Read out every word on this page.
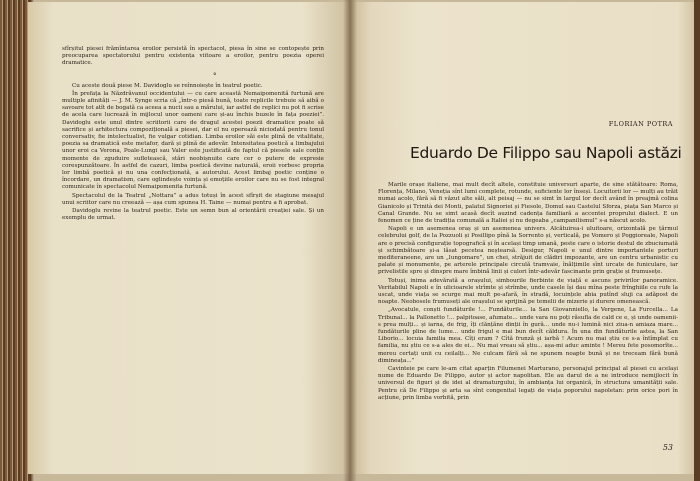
sfîrșitul piesei frămîntarea eroilor persistă în spectacol, piesa în sine se contopește prin preocuparea spectatorului pentru existența viitoare a eroilor, pentru poezia operei dramatice.

Cu aceste două piese M. Davidoglu se reînnoiește în teatrul poetic.

În prefața la Năzdrăvanul occidentului — cu care această Nemaipomenită furtună are multiple afinități — J. M. Synge scria că „într-o piesă bună, toate replicile trebuie să aibă o savoare tot atît de bogată ca aceea a nucii sau a mărului, iar astfel de replici nu pot fi scrise de acela care lucrează în mijlocul unor oameni care și-au închis buzele în fața poeziei”. Davidoglu este unul dintre scriitorii care de dragul acestei poezii dramatice poate să sacrifice și arhitectura compozițională a piesei, dar el nu operează niciodată pentru tonul conversativ, fie intelectualist, fie vulgar cotidian. Limba eroilor săi este plină de vitalitate, poezia sa dramatică este metafor, dară și plină de adevăr. Intensitatea poetică a limbajului unor eroi ca Verona, Poale-Lungi sau Valer este justificată de faptul că piesele sale conțin momente de zguduire sufletească, stări neobișnuite care cer o putere de expresie corespunzătoare. În astfel de cazuri, limba poetică devine naturală, eroii vorbesc propria lor limbă poetică și nu una confecționată, a autorului. Acest limbaj poetic conține o încordare, un dramatism, care oglindește voința și emoțiile eroilor care nu se fost integral comunicate în spectacolul Nemaipomenita furtună.

Spectacolul de la Teatrul „Nottara” a adus totuși în acest sfîrșit de stagiune mesajul unui scriitor care nu creează — așa cum spunea H. Taine — numai pentru a fi aprobat.

Davidoglu revine la teatrul poetic. Este un semn bun al orientării creației sale. Și un exemplu de urmat.

°
FLORIAN POTRA
Eduardo De Filippo sau Napoli astăzi

Marile orașe italiene, mai mult decît altele, constituie universuri aparte, de sine stătătoare: Roma, Florența, Milano, Veneția sînt lumi complete, rotunde, suficiente lor înseși. Locuitorii lor — mulți au trăit numai acolo, fără să fi văzut alte săli, alt peisaj — nu se simt în largul lor decît având în preajmă colina Gianicolo și Trinità dei Monti, palatul Signoriei și Fiesole, Domul sau Castelul Sforza, piața San Marco și Canal Grande. Nu se simt acasă decît auzind cadența familiară a accentei proprului dialect. E un fenomen ce ține de tradiția comunală a Italiei și nu degeaba „campanilismul” s-a născut acolo.

Napoli e un asemenea oraș și un asemenea univers. Alcătuirea-i uluitoare, orizontală pe țărmul celebrului golf, de la Pozzuoli și Posillipo pînă la Sorrento și, verticală, pe Vomero și Poggioreale, Napoli are o precisă configurație topografică și în același timp umană, peste care o istorie destul de zbuciumată și schimbătoare și-a lăsat pecetea neștearsă. Desigur, Napoli e unul dintre importantele porturi mediteraneene, are un „lungomare”, un chei, străjuit de clădiri impozante, are un centru urbanistic cu palate și monumente, pe arterele principale circulă tramvaie, înălțimile sînt urcate de funiculare, iar privelistile spre și dinspre mare îmbină linii și culori într-adevăr fascinante prin grație și frumusețe.

Totuși, inima adevărată a orașului, simbourile fierbinte de viață e ascuns privirilor panoramice. Veritabilul Napoli e în ulicioarele strîmte și strîmbe, unde casele își dau mîna peste frînghiile cu rufe la uscat, unde viața se scurge mai mult pe-afară, în stradă, locuințele abia putînd sluji ca adăpost de noapte. Neobosele frumuseți ale orașului se sprijină pe temelii de mizerie și durere omenească.

„Avocatule, conști fundăturile !... Fundăturile... la San Giovanniello, la Vergene, La Furcella... La Tribunal... la Pallonetto !... palpitoase, afumate... unde vara nu poți răsufla de cald ce e, și unde oamenii-s prea mulți... și iarna, de frig, îți clănțăne dinții în gură... unde nu-i lumină nici ziua-n amiaza mare... fundăturile pline de lume... unde frigul e mai bun decît căldura. În una din fundăturile astea, la San Liborio... locuia familia mea. Cîți eram ? Cîtă frunză și iarbă ! Acum nu mai știu ce s-a întîmplat cu familia, nu știu ce s-a ales de ei... Nu mai vreau să știu... așa-mi aduc aminte ! Mereu fete posomorîte... mereu certați unii cu ceilalți... Ne culcam fără să ne spunem noapte bună și ne treceam fără bună dimineața...”

Cavinteie pe care le-am citat aparțin Filumenei Marturano, personajul principal al piesei cu același nume de Eduardo De Filippo, autor și actor napolitan. Ele au darul de a ne introduce nemijlocit în universul de figuri și de idei al dramaturgului, în ambianța lui organică, în structura umanității sale. Pentru că De Filippo și arta sa sînt congenital legați de viața poporului napoletan: prin orice pori în acțiune, prin limba vorbită, prin

53
